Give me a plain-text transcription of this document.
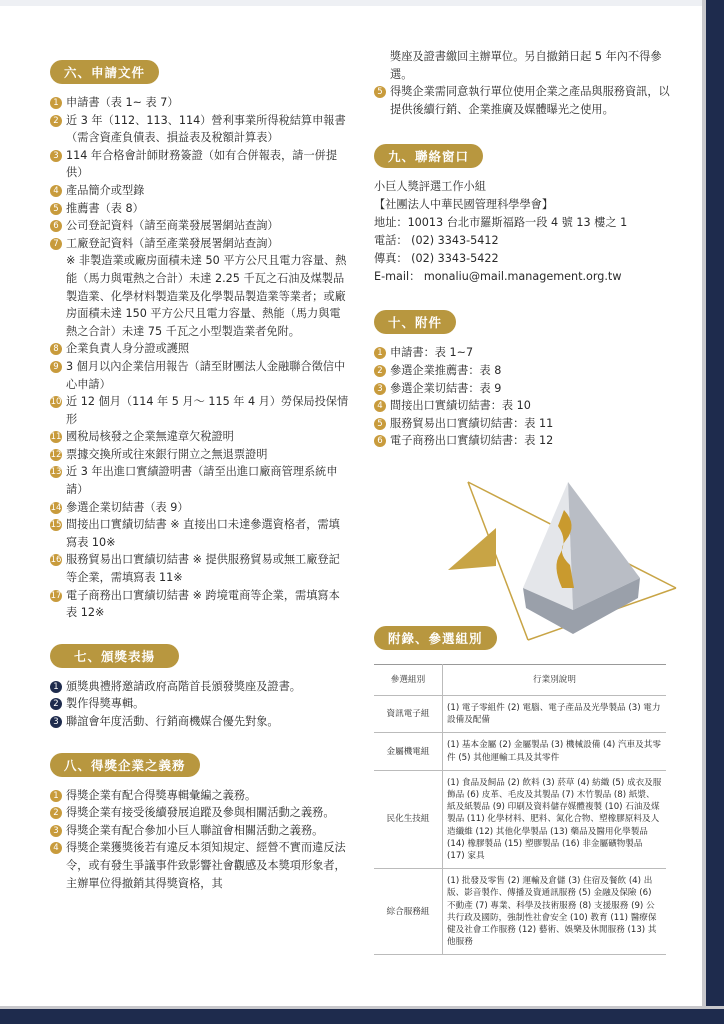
六、申請文件
1 申請書（表 1~ 表 7）
2 近 3 年（112、113、114）營利事業所得稅結算申報書（需含資產負債表、損益表及稅額計算表）
3 114 年合格會計師財務簽證（如有合併報表，請一併提供）
4 產品簡介或型錄
5 推薦書（表 8）
6 公司登記資料（請至商業發展署網站查詢）
7 工廠登記資料（請至產業發展署網站查詢）
※ 非製造業或廠房面積未達 50 平方公尺且電力容量、熱能（馬力與電熱之合計）未達 2.25 千瓦之石油及煤製品製造業、化學材料製造業及化學製品製造業等業者；或廠房面積未達 150 平方公尺且電力容量、熱能（馬力與電熱之合計）未達 75 千瓦之小型製造業者免附。
8 企業負責人身分證或護照
9 3 個月以內企業信用報告（請至財團法人金融聯合徵信中心申請）
10 近 12 個月（114 年 5 月～ 115 年 4 月）勞保局投保情形
11 國稅局核發之企業無違章欠稅證明
12 票據交換所或往來銀行開立之無退票證明
13 近 3 年出進口實績證明書（請至出進口廠商管理系統申請）
14 參選企業切結書（表 9）
15 間接出口實績切結書 ※ 直接出口未達參選資格者，需填寫表 10※
16 服務貿易出口實績切結書 ※ 提供服務貿易或無工廠登記等企業，需填寫表 11※
17 電子商務出口實績切結書 ※ 跨境電商等企業，需填寫本表 12※
七、頒獎表揚
1 頒獎典禮將邀請政府高階首長頒發獎座及證書。
2 製作得獎專輯。
3 聯誼會年度活動、行銷商機媒合優先對象。
八、得獎企業之義務
1 得獎企業有配合得獎專輯彙編之義務。
2 得獎企業有接受後續發展追蹤及參與相關活動之義務。
3 得獎企業有配合參加小巨人聯誼會相關活動之義務。
4 得獎企業獲獎後若有違反本須知規定、經營不實而違反法令，或有發生爭議事件致影響社會觀感及本獎項形象者，主辦單位得撤銷其得獎資格，其
獎座及證書繳回主辦單位。另自撤銷日起 5 年內不得參選。
5 得獎企業需同意執行單位使用企業之產品與服務資訊，以提供後續行銷、企業推廣及媒體曝光之使用。
九、聯絡窗口
小巨人獎評選工作小組
【社團法人中華民國管理科學學會】
地址：10013 台北市羅斯福路一段 4 號 13 樓之 1
電話： (02) 3343-5412
傳真： (02) 3343-5422
E-mail： monaliu@mail.management.org.tw
十、附件
1 申請書：表 1~7
2 參選企業推薦書：表 8
3 參選企業切結書：表 9
4 間接出口實績切結書：表 10
5 服務貿易出口實績切結書：表 11
6 電子商務出口實績切結書：表 12
附錄、參選組別
參選組別	行業別說明
資訊電子組	(1) 電子零組件 (2) 電腦、電子產品及光學製品 (3) 電力設備及配備
金屬機電組	(1) 基本金屬 (2) 金屬製品 (3) 機械設備 (4) 汽車及其零件 (5) 其他運輸工具及其零件
民化生技組	(1) 食品及飼品 (2) 飲料 (3) 菸草 (4) 紡織 (5) 成衣及服飾品 (6) 皮革、毛皮及其製品 (7) 木竹製品 (8) 紙漿、紙及紙製品 (9) 印刷及資料儲存媒體複製 (10) 石油及煤製品 (11) 化學材料、肥料、氮化合物、塑橡膠原料及人造纖維 (12) 其他化學製品 (13) 藥品及醫用化學製品 (14) 橡膠製品 (15) 塑膠製品 (16) 非金屬礦物製品 (17) 家具
綜合服務組	(1) 批發及零售 (2) 運輸及倉儲 (3) 住宿及餐飲 (4) 出版、影音製作、傳播及資通訊服務 (5) 金融及保險 (6) 不動產 (7) 專業、科學及技術服務 (8) 支援服務 (9) 公共行政及國防，強制性社會安全 (10) 教育 (11) 醫療保健及社會工作服務 (12) 藝術、娛樂及休閒服務 (13) 其他服務
